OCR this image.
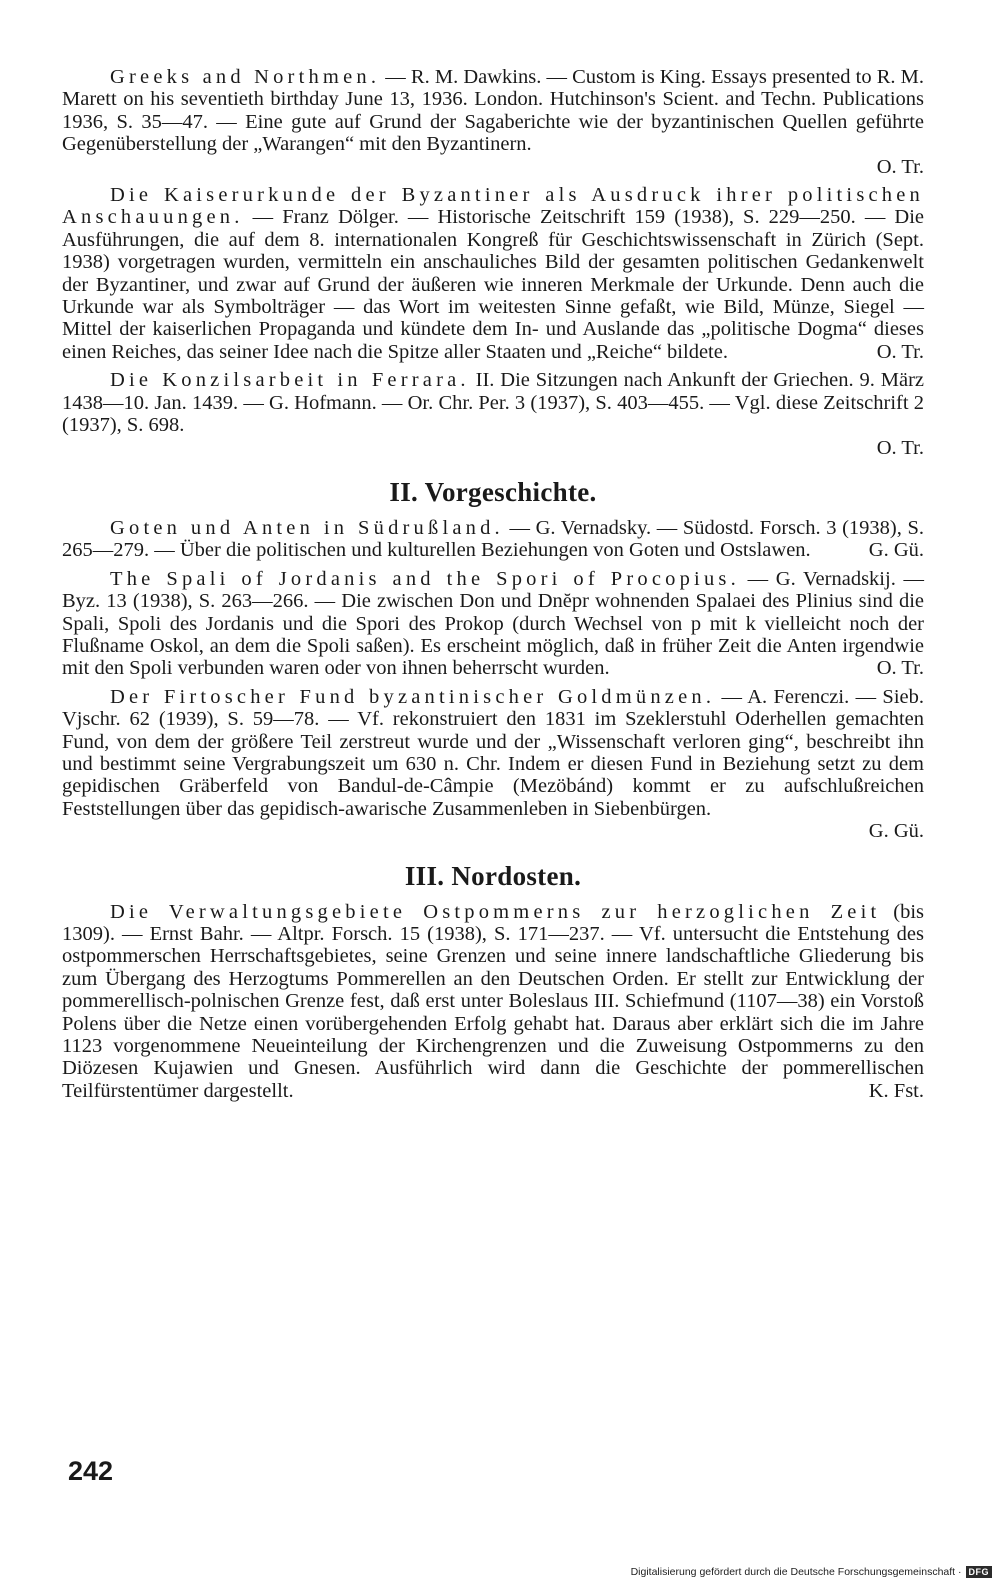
Greeks and Northmen. — R. M. Dawkins. — Custom is King. Essays presented to R. M. Marett on his seventieth birthday June 13, 1936. London. Hutchinson's Scient. and Techn. Publications 1936, S. 35—47. — Eine gute auf Grund der Sagaberichte wie der byzantinischen Quellen geführte Gegenüberstellung der „Warangen“ mit den Byzantinern.
O. Tr.

Die Kaiserurkunde der Byzantiner als Ausdruck ihrer politischen Anschauungen. — Franz Dölger. — Historische Zeitschrift 159 (1938), S. 229—250. — Die Ausführungen, die auf dem 8. internationalen Kongreß für Geschichtswissenschaft in Zürich (Sept. 1938) vorgetragen wurden, vermitteln ein anschauliches Bild der gesamten politischen Gedankenwelt der Byzantiner, und zwar auf Grund der äußeren wie inneren Merkmale der Urkunde. Denn auch die Urkunde war als Symbolträger — das Wort im weitesten Sinne gefaßt, wie Bild, Münze, Siegel — Mittel der kaiserlichen Propaganda und kündete dem In- und Auslande das „politische Dogma“ dieses einen Reiches, das seiner Idee nach die Spitze aller Staaten und „Reiche“ bildete.	O. Tr.

Die Konzilsarbeit in Ferrara. II. Die Sitzungen nach Ankunft der Griechen. 9. März 1438—10. Jan. 1439. — G. Hofmann. — Or. Chr. Per. 3 (1937), S. 403—455. — Vgl. diese Zeitschrift 2 (1937), S. 698.
O. Tr.

II. Vorgeschichte.

Goten und Anten in Südrußland. — G. Vernadsky. — Südostd. Forsch. 3 (1938), S. 265—279. — Über die politischen und kulturellen Beziehungen von Goten und Ostslawen.	G. Gü.

The Spali of Jordanis and the Spori of Procopius. — G. Vernadskij. — Byz. 13 (1938), S. 263—266. — Die zwischen Don und Dnĕpr wohnenden Spalaei des Plinius sind die Spali, Spoli des Jordanis und die Spori des Prokop (durch Wechsel von p mit k vielleicht noch der Flußname Oskol, an dem die Spoli saßen). Es erscheint möglich, daß in früher Zeit die Anten irgendwie mit den Spoli verbunden waren oder von ihnen beherrscht wurden.	O. Tr.

Der Firtoscher Fund byzantinischer Goldmünzen. — A. Ferenczi. — Sieb. Vjschr. 62 (1939), S. 59—78. — Vf. rekonstruiert den 1831 im Szeklerstuhl Oderhellen gemachten Fund, von dem der größere Teil zerstreut wurde und der „Wissenschaft verloren ging“, beschreibt ihn und bestimmt seine Vergrabungszeit um 630 n. Chr. Indem er diesen Fund in Beziehung setzt zu dem gepidischen Gräberfeld von Bandul-de-Câmpie (Mezöbánd) kommt er zu aufschlußreichen Feststellungen über das gepidisch-awarische Zusammenleben in Siebenbürgen.
G. Gü.

III. Nordosten.

Die Verwaltungsgebiete Ostpommerns zur herzoglichen Zeit (bis 1309). — Ernst Bahr. — Altpr. Forsch. 15 (1938), S. 171—237. — Vf. untersucht die Entstehung des ostpommerschen Herrschaftsgebietes, seine Grenzen und seine innere landschaftliche Gliederung bis zum Übergang des Herzogtums Pommerellen an den Deutschen Orden. Er stellt zur Entwicklung der pommerellisch-polnischen Grenze fest, daß erst unter Boleslaus III. Schiefmund (1107—38) ein Vorstoß Polens über die Netze einen vorübergehenden Erfolg gehabt hat. Daraus aber erklärt sich die im Jahre 1123 vorgenommene Neueinteilung der Kirchengrenzen und die Zuweisung Ostpommerns zu den Diözesen Kujawien und Gnesen. Ausführlich wird dann die Geschichte der pommerellischen Teilfürstentümer dargestellt.	K. Fst.

242
Digitalisierung gefördert durch die Deutsche Forschungsgemeinschaft · DFG
